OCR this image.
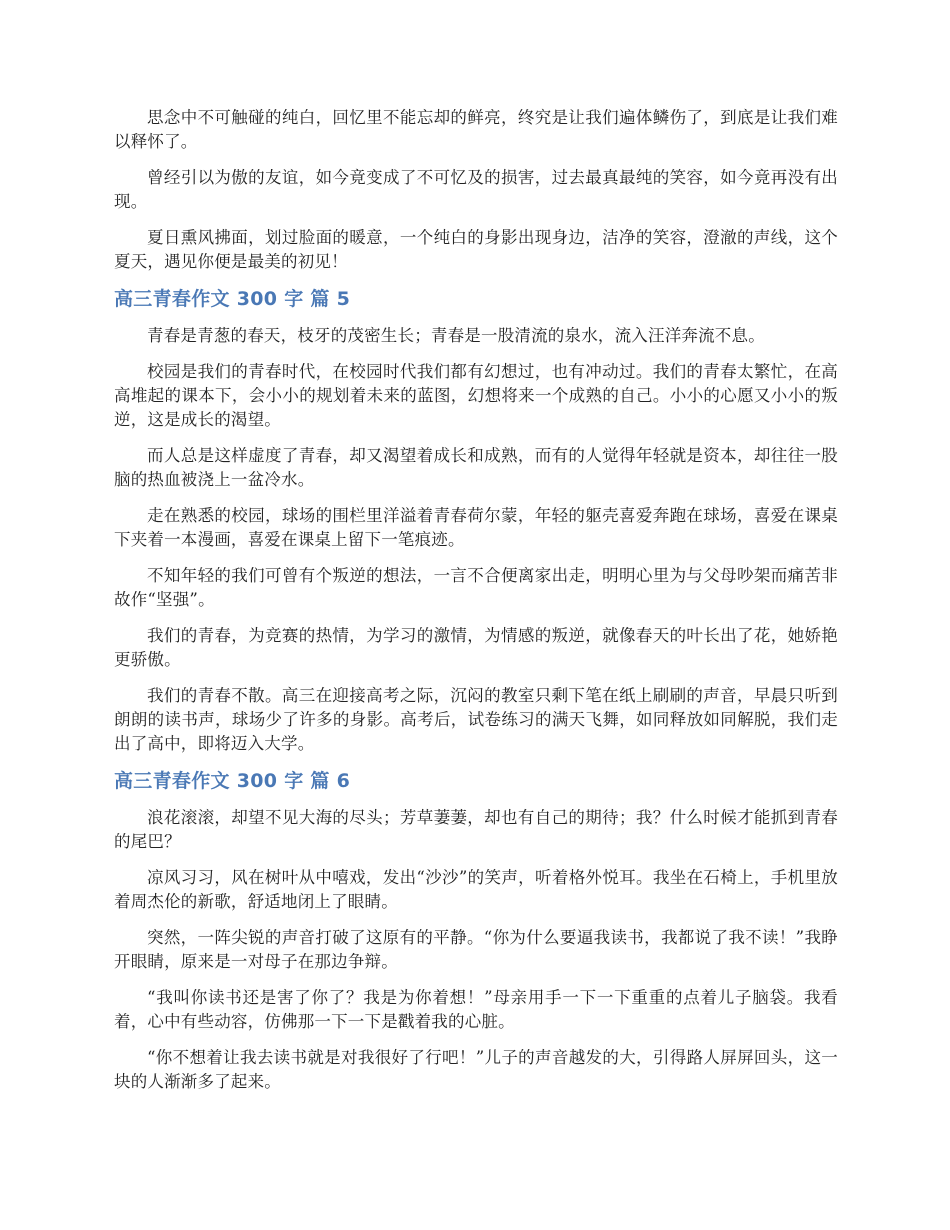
思念中不可触碰的纯白，回忆里不能忘却的鲜亮，终究是让我们遍体鳞伤了，到底是让我们难以释怀了。

曾经引以为傲的友谊，如今竟变成了不可忆及的损害，过去最真最纯的笑容，如今竟再没有出现。

夏日熏风拂面，划过脸面的暖意，一个纯白的身影出现身边，洁净的笑容，澄澈的声线，这个夏天，遇见你便是最美的初见！

高三青春作文 300 字 篇 5

青春是青葱的春天，枝牙的茂密生长；青春是一股清流的泉水，流入汪洋奔流不息。

校园是我们的青春时代，在校园时代我们都有幻想过，也有冲动过。我们的青春太繁忙，在高高堆起的课本下，会小小的规划着未来的蓝图，幻想将来一个成熟的自己。小小的心愿又小小的叛逆，这是成长的渴望。

而人总是这样虚度了青春，却又渴望着成长和成熟，而有的人觉得年轻就是资本，却往往一股脑的热血被浇上一盆冷水。

走在熟悉的校园，球场的围栏里洋溢着青春荷尔蒙，年轻的躯壳喜爱奔跑在球场，喜爱在课桌下夹着一本漫画，喜爱在课桌上留下一笔痕迹。

不知年轻的我们可曾有个叛逆的想法，一言不合便离家出走，明明心里为与父母吵架而痛苦非故作“坚强”。

我们的青春，为竞赛的热情，为学习的激情，为情感的叛逆，就像春天的叶长出了花，她娇艳更骄傲。

我们的青春不散。高三在迎接高考之际，沉闷的教室只剩下笔在纸上刷刷的声音，早晨只听到朗朗的读书声，球场少了许多的身影。高考后，试卷练习的满天飞舞，如同释放如同解脱，我们走出了高中，即将迈入大学。

高三青春作文 300 字 篇 6

浪花滚滚，却望不见大海的尽头；芳草萋萋，却也有自己的期待；我？什么时候才能抓到青春的尾巴？

凉风习习，风在树叶从中嘻戏，发出“沙沙”的笑声，听着格外悦耳。我坐在石椅上，手机里放着周杰伦的新歌，舒适地闭上了眼睛。

突然，一阵尖锐的声音打破了这原有的平静。“你为什么要逼我读书，我都说了我不读！”我睁开眼睛，原来是一对母子在那边争辩。

“我叫你读书还是害了你了？我是为你着想！”母亲用手一下一下重重的点着儿子脑袋。我看着，心中有些动容，仿佛那一下一下是戳着我的心脏。

“你不想着让我去读书就是对我很好了行吧！”儿子的声音越发的大，引得路人屏屏回头，这一块的人渐渐多了起来。
